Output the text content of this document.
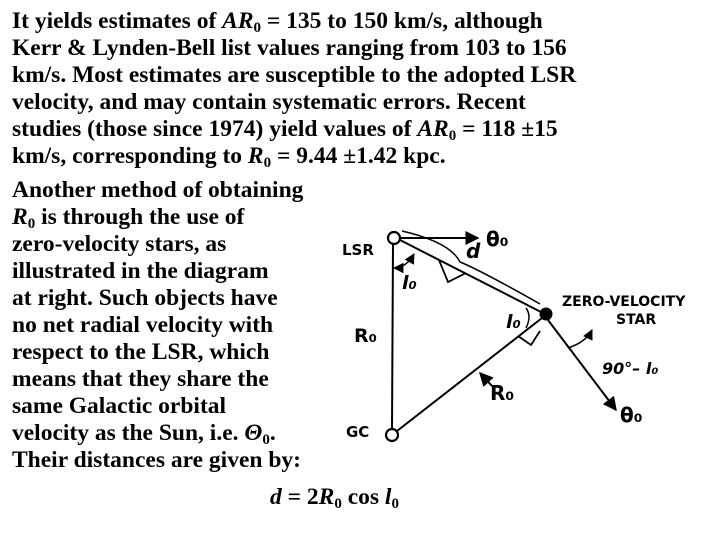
It yields estimates of $AR_0 = 135$ to 150 km/s, although
Kerr & Lynden-Bell list values ranging from 103 to 156
km/s. Most estimates are susceptible to the adopted LSR
velocity, and may contain systematic errors. Recent
studies (those since 1974) yield values of $AR_0 = 118 \pm 15$
km/s, corresponding to $R_0 = 9.44 \pm 1.42$ kpc.
Another method of obtaining
$R_0$ is through the use of
zero-velocity stars, as
illustrated in the diagram
at right. Such objects have
no net radial velocity with
respect to the LSR, which
means that they share the
same Galactic orbital
velocity as the Sun, i.e. $\Theta_0$.
Their distances are given by:
LSR
GC
d θ₀
θ₀
l₀
l₀
R₀
R₀
ZERO-VELOCITY
STAR
90°– l₀
$d = 2R_0$ $\cos l_0$
